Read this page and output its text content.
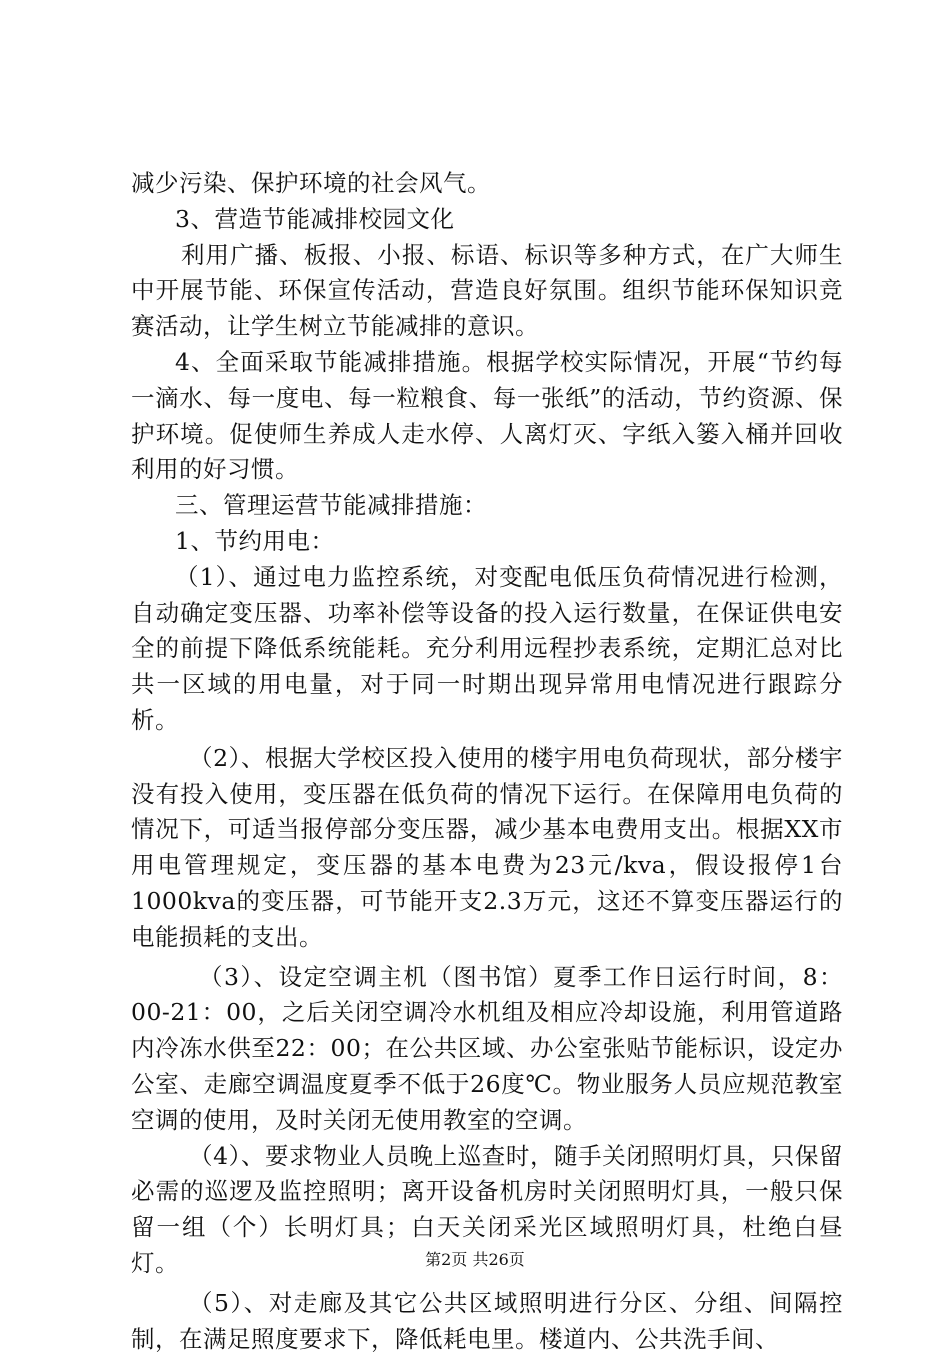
减少污染、保护环境的社会风气。

3、营造节能减排校园文化

利用广播、板报、小报、标语、标识等多种方式，在广大师生中开展节能、环保宣传活动，营造良好氛围。组织节能环保知识竞赛活动，让学生树立节能减排的意识。

4、全面采取节能减排措施。根据学校实际情况，开展“节约每一滴水、每一度电、每一粒粮食、每一张纸”的活动，节约资源、保护环境。促使师生养成人走水停、人离灯灭、字纸入篓入桶并回收利用的好习惯。

三、管理运营节能减排措施：

1、节约用电：

（1）、通过电力监控系统，对变配电低压负荷情况进行检测，自动确定变压器、功率补偿等设备的投入运行数量，在保证供电安全的前提下降低系统能耗。充分利用远程抄表系统，定期汇总对比共一区域的用电量，对于同一时期出现异常用电情况进行跟踪分析。

（2）、根据大学校区投入使用的楼宇用电负荷现状，部分楼宇没有投入使用，变压器在低负荷的情况下运行。在保障用电负荷的情况下，可适当报停部分变压器，减少基本电费用支出。根据XX市用电管理规定，变压器的基本电费为23元/kva，假设报停1台1000kva的变压器，可节能开支2.3万元，这还不算变压器运行的电能损耗的支出。

（3）、设定空调主机（图书馆）夏季工作日运行时间，8：00-21：00，之后关闭空调冷水机组及相应冷却设施，利用管道路内冷冻水供至22：00；在公共区域、办公室张贴节能标识，设定办公室、走廊空调温度夏季不低于26度℃。物业服务人员应规范教室空调的使用，及时关闭无使用教室的空调。

（4）、要求物业人员晚上巡查时，随手关闭照明灯具，只保留必需的巡逻及监控照明；离开设备机房时关闭照明灯具，一般只保留一组（个）长明灯具；白天关闭采光区域照明灯具，杜绝白昼灯。

（5）、对走廊及其它公共区域照明进行分区、分组、间隔控制，在满足照度要求下，降低耗电里。楼道内、公共洗手间、

第2页 共26页
